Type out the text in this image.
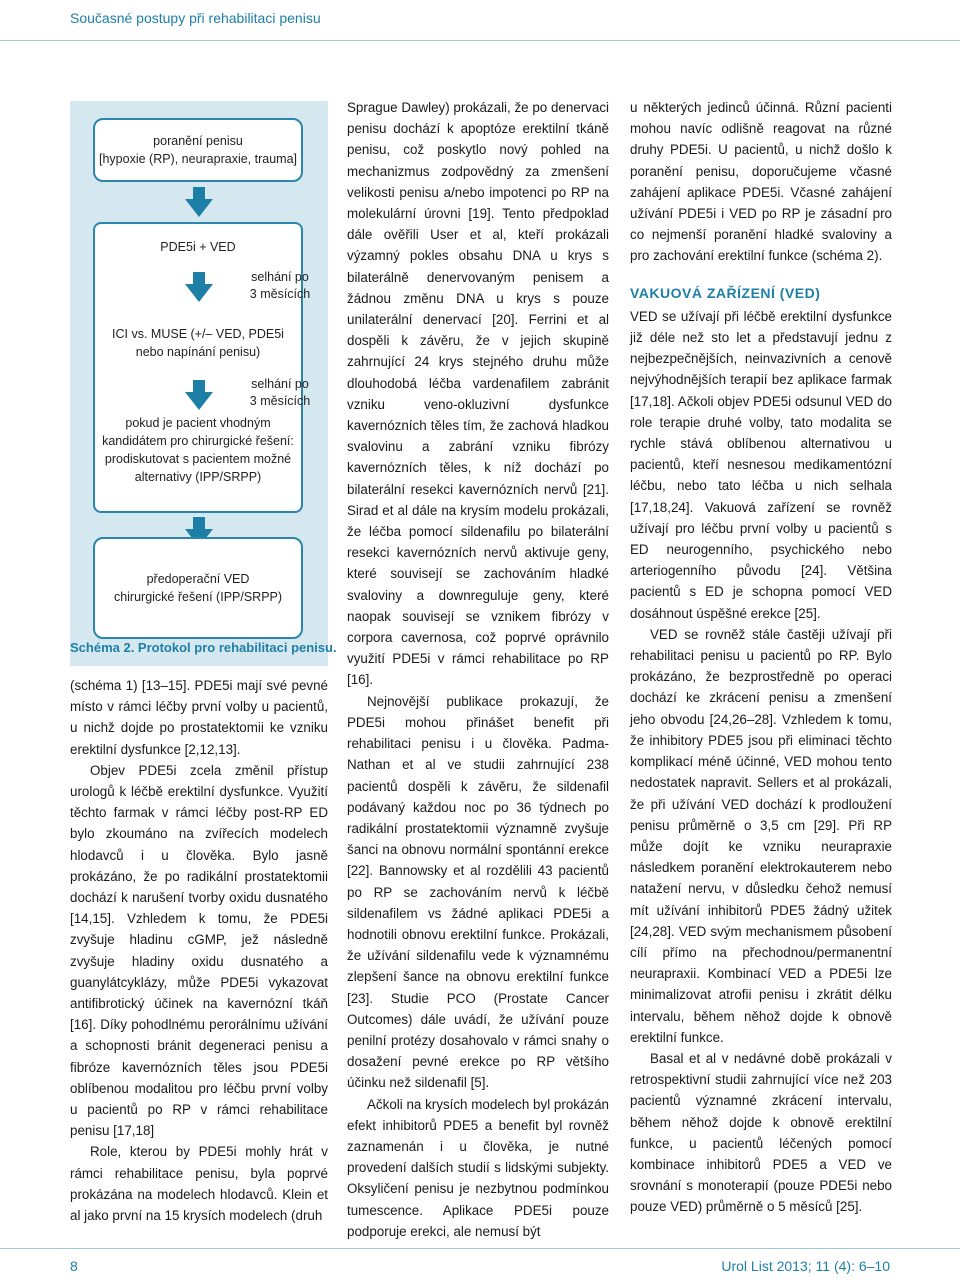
Současné postupy při rehabilitaci penisu
poranění penisu
[hypoxie (RP), neurapraxie, trauma]
PDE5i + VED
selhání po
3 měsících
ICI vs. MUSE (+/– VED, PDE5i
nebo napínání penisu)
selhání po
3 měsících
pokud je pacient vhodným
kandidátem pro chirurgické řešení:
prodiskutovat s pacientem možné
alternativy (IPP/SRPP)
předoperační VED
chirurgické řešení (IPP/SRPP)
Schéma 2. Protokol pro rehabilitaci penisu.

(schéma 1) [13–15]. PDE5i mají své pevné místo v rámci léčby první volby u pacientů, u nichž dojde po prostatektomii ke vzniku erektilní dysfunkce [2,12,13].

Objev PDE5i zcela změnil přístup urologů k léčbě erektilní dysfunkce. Využití těchto farmak v rámci léčby post-RP ED bylo zkoumáno na zvířecích modelech hlodavců i u člověka. Bylo jasně prokázáno, že po radikální prostatektomii dochází k narušení tvorby oxidu dusnatého [14,15]. Vzhledem k tomu, že PDE5i zvyšuje hladinu cGMP, jež následně zvyšuje hladiny oxidu dusnatého a guanylátcyklázy, může PDE5i vykazovat antifibrotický účinek na kavernózní tkáň [16]. Díky pohodlnému perorálnímu užívání a schopnosti bránit degeneraci penisu a fibróze kavernózních těles jsou PDE5i oblíbenou modalitou pro léčbu první volby u pacientů po RP v rámci rehabilitace penisu [17,18]

Role, kterou by PDE5i mohly hrát v rámci rehabilitace penisu, byla poprvé prokázána na modelech hlodavců. Klein et al jako první na 15 krysích modelech (druh

Sprague Dawley) prokázali, že po denervaci penisu dochází k apoptóze erektilní tkáně penisu, což poskytlo nový pohled na mechanizmus zodpovědný za zmenšení velikosti penisu a/nebo impotenci po RP na molekulární úrovni [19]. Tento předpoklad dále ověřili User et al, kteří prokázali výzamný pokles obsahu DNA u krys s bilaterálně denervovaným penisem a žádnou změnu DNA u krys s pouze unilaterální denervací [20]. Ferrini et al dospěli k závěru, že v jejich skupině zahrnující 24 krys stejného druhu může dlouhodobá léčba vardenafilem zabránit vzniku veno-okluzivní dysfunkce kavernózních těles tím, že zachová hladkou svalovinu a zabrání vzniku fibrózy kavernózních těles, k níž dochází po bilaterální resekci kavernózních nervů [21]. Sirad et al dále na krysím modelu prokázali, že léčba pomocí sildenafilu po bilaterální resekci kavernózních nervů aktivuje geny, které souvisejí se zachováním hladké svaloviny a downreguluje geny, které naopak souvisejí se vznikem fibrózy v corpora cavernosa, což poprvé oprávnilo využití PDE5i v rámci rehabilitace po RP [16].

Nejnovější publikace prokazují, že PDE5i mohou přinášet benefit při rehabilitaci penisu i u člověka. Padma-Nathan et al ve studii zahrnující 238 pacientů dospěli k závěru, že sildenafil podávaný každou noc po 36 týdnech po radikální prostatektomii významně zvyšuje šanci na obnovu normální spontánní erekce [22]. Bannowsky et al rozdělili 43 pacientů po RP se zachováním nervů k léčbě sildenafilem vs žádné aplikaci PDE5i a hodnotili obnovu erektilní funkce. Prokázali, že užívání sildenafilu vede k významnému zlepšení šance na obnovu erektilní funkce [23]. Studie PCO (Prostate Cancer Outcomes) dále uvádí, že užívání pouze penilní protézy dosahovalo v rámci snahy o dosažení pevné erekce po RP většího účinku než sildenafil [5].

Ačkoli na krysích modelech byl prokázán efekt inhibitorů PDE5 a benefit byl rovněž zaznamenán i u člověka, je nutné provedení dalších studií s lidskými subjekty. Oksyličení penisu je nezbytnou podmínkou tumescence. Aplikace PDE5i pouze podporuje erekci, ale nemusí být

u některých jedinců účinná. Různí pacienti mohou navíc odlišně reagovat na různé druhy PDE5i. U pacientů, u nichž došlo k poranění penisu, doporučujeme včasné zahájení aplikace PDE5i. Včasné zahájení užívání PDE5i i VED po RP je zásadní pro co nejmenší poranění hladké svaloviny a pro zachování erektilní funkce (schéma 2).

VAKUOVÁ ZAŘÍZENÍ (VED)

VED se užívají při léčbě erektilní dysfunkce již déle než sto let a představují jednu z nejbezpečnějších, neinvazivních a cenově nejvýhodnějších terapií bez aplikace farmak [17,18]. Ačkoli objev PDE5i odsunul VED do role terapie druhé volby, tato modalita se rychle stává oblíbenou alternativou u pacientů, kteří nesnesou medikamentózní léčbu, nebo tato léčba u nich selhala [17,18,24]. Vakuová zařízení se rovněž užívají pro léčbu první volby u pacientů s ED neurogenního, psychického nebo arteriogenního původu [24]. Většina pacientů s ED je schopna pomocí VED dosáhnout úspěšné erekce [25].

VED se rovněž stále častěji užívají při rehabilitaci penisu u pacientů po RP. Bylo prokázáno, že bezprostředně po operaci dochází ke zkrácení penisu a zmenšení jeho obvodu [24,26–28]. Vzhledem k tomu, že inhibitory PDE5 jsou při eliminaci těchto komplikací méně účinné, VED mohou tento nedostatek napravit. Sellers et al prokázali, že při užívání VED dochází k prodloužení penisu průměrně o 3,5 cm [29]. Při RP může dojít ke vzniku neurapraxie následkem poranění elektrokauterem nebo natažení nervu, v důsledku čehož nemusí mít užívání inhibitorů PDE5 žádný užitek [24,28]. VED svým mechanismem působení cílí přímo na přechodnou/permanentní neurapraxii. Kombinací VED a PDE5i lze minimalizovat atrofii penisu i zkrátit délku intervalu, během něhož dojde k obnově erektilní funkce.

Basal et al v nedávné době prokázali v retrospektivní studii zahrnující více než 203 pacientů významné zkrácení intervalu, během něhož dojde k obnově erektilní funkce, u pacientů léčených pomocí kombinace inhibitorů PDE5 a VED ve srovnání s monoterapií (pouze PDE5i nebo pouze VED) průměrně o 5 měsíců [25].

8	Urol List 2013; 11 (4): 6–10
